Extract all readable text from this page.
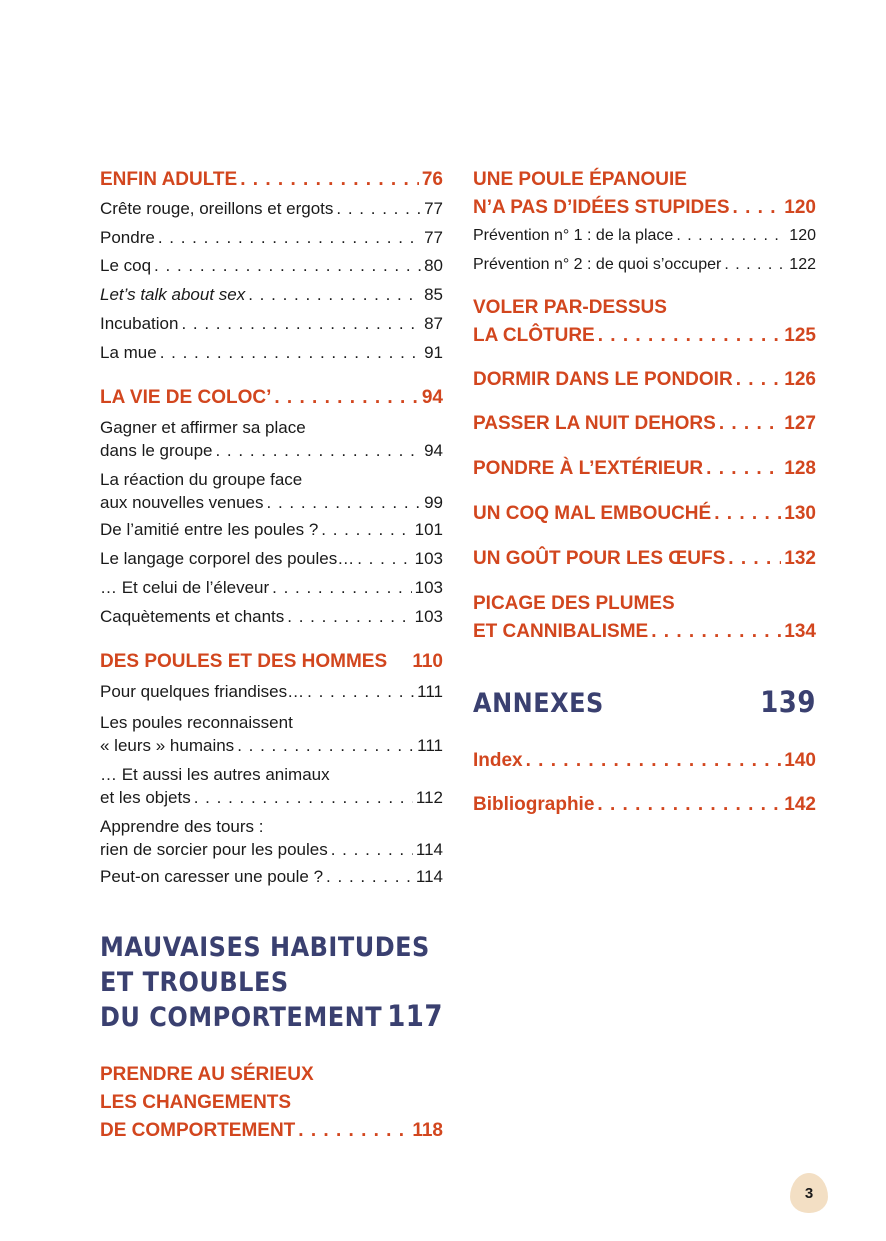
ENFIN ADULTE . . .	76
Crête rouge, oreillons et ergots . . .	77
Pondre . . .	77
Le coq . . .	80
Let’s talk about sex . . .	85
Incubation . . .	87
La mue . . .	91
LA VIE DE COLOC’ . . .	94
Gagner et affirmer sa place
dans le groupe . . .	94
La réaction du groupe face
aux nouvelles venues . . .	99
De l’amitié entre les poules ? . . .	101
Le langage corporel des poules… . . .	103
… Et celui de l’éleveur . . .	103
Caquètements et chants . . .	103
DES POULES ET DES HOMMES 110
Pour quelques friandises… . . .	111
Les poules reconnaissent
« leurs » humains . . .	111
… Et aussi les autres animaux
et les objets . . .	112
Apprendre des tours :
rien de sorcier pour les poules . . .	114
Peut-on caresser une poule ? . . .	114
MAUVAISES HABITUDES
ET TROUBLES
DU COMPORTEMENT 117
PRENDRE AU SÉRIEUX
LES CHANGEMENTS
DE COMPORTEMENT . . .	118
UNE POULE ÉPANOUIE
N’A PAS D’IDÉES STUPIDES . . .	120
Prévention n° 1 : de la place . . .	120
Prévention n° 2 : de quoi s’occuper . . .	122
VOLER PAR-DESSUS
LA CLÔTURE . . .	125
DORMIR DANS LE PONDOIR . . .	126
PASSER LA NUIT DEHORS . . .	127
PONDRE À L’EXTÉRIEUR . . .	128
UN COQ MAL EMBOUCHÉ . . .	130
UN GOÛT POUR LES ŒUFS . . .	132
PICAGE DES PLUMES
ET CANNIBALISME . . .	134
ANNEXES	139
Index . . .	140
Bibliographie . . .	142
3
